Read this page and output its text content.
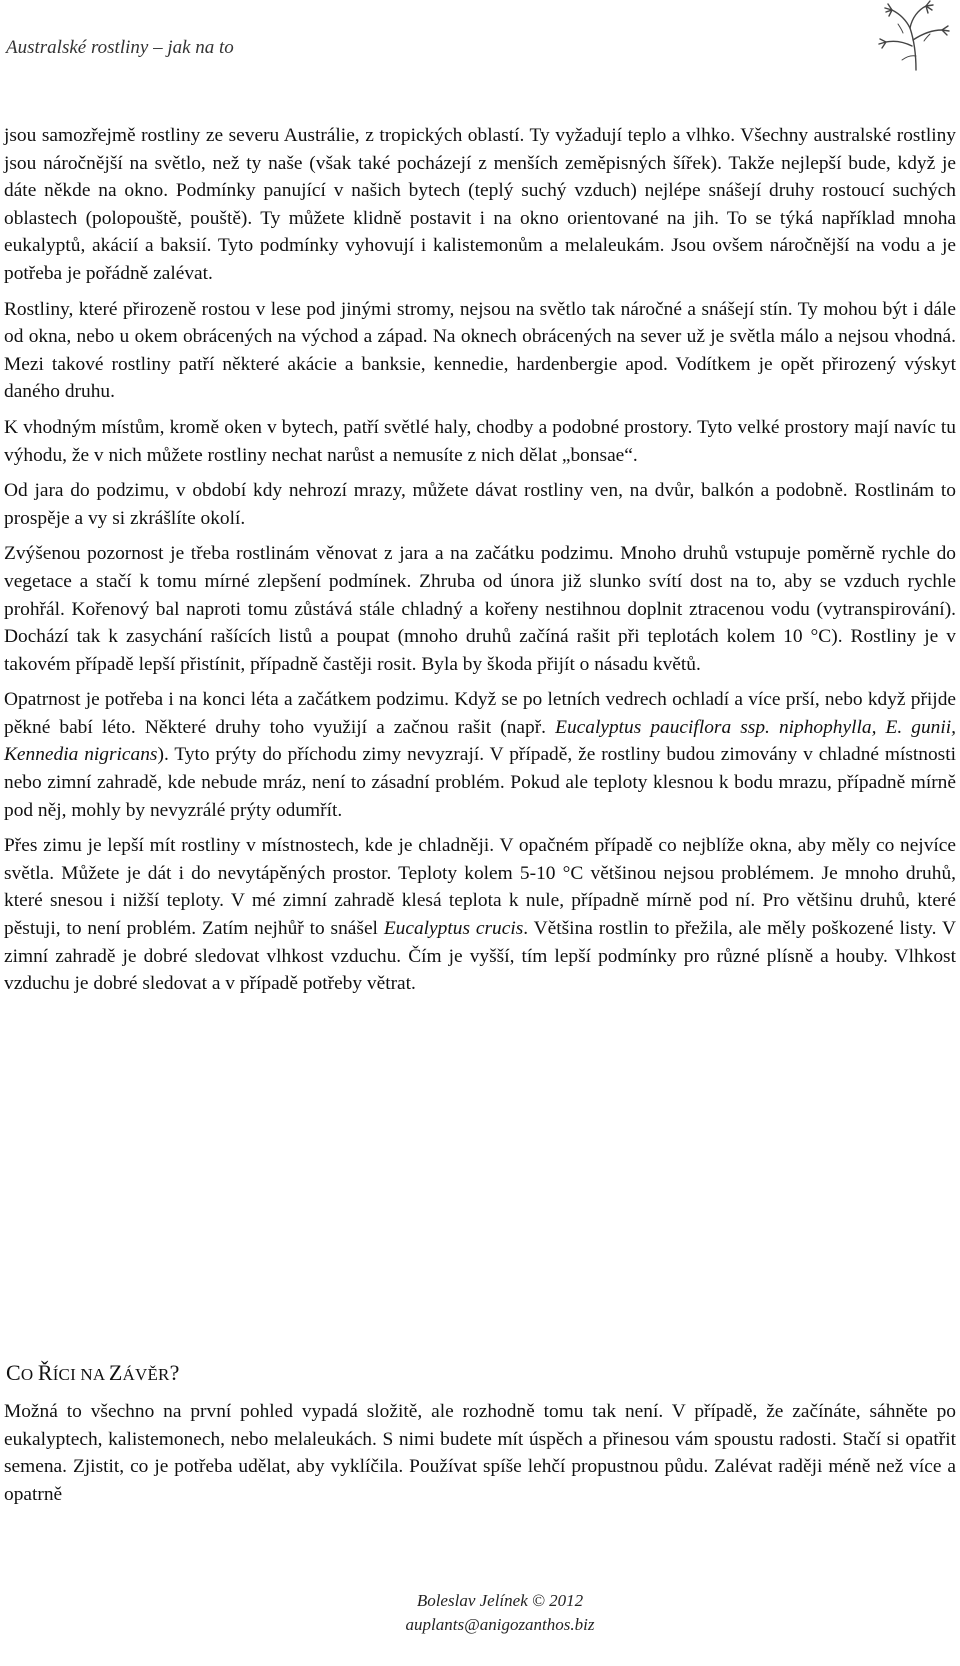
Australské rostliny – jak na to

jsou samozřejmě rostliny ze severu Austrálie, z tropických oblastí. Ty vyžadují teplo a vlhko. Všechny australské rostliny jsou náročnější na světlo, než ty naše (však také pocházejí z menších zeměpisných šířek). Takže nejlepší bude, když je dáte někde na okno. Podmínky panující v našich bytech (teplý suchý vzduch) nejlépe snášejí druhy rostoucí suchých oblastech (polopouště, pouště). Ty můžete klidně postavit i na okno orientované na jih. To se týká například mnoha eukalyptů, akácií a baksií. Tyto podmínky vyhovují i kalistemonům a melaleukám. Jsou ovšem náročnější na vodu a je potřeba je pořádně zalévat.

Rostliny, které přirozeně rostou v lese pod jinými stromy, nejsou na světlo tak náročné a snášejí stín. Ty mohou být i dále od okna, nebo u okem obrácených na východ a západ. Na oknech obrácených na sever už je světla málo a nejsou vhodná. Mezi takové rostliny patří některé akácie a banksie, kennedie, hardenbergie apod. Vodítkem je opět přirozený výskyt daného druhu.

K vhodným místům, kromě oken v bytech, patří světlé haly, chodby a podobné prostory. Tyto velké prostory mají navíc tu výhodu, že v nich můžete rostliny nechat narůst a nemusíte z nich dělat „bonsae“.

Od jara do podzimu, v období kdy nehrozí mrazy, můžete dávat rostliny ven, na dvůr, balkón a podobně. Rostlinám to prospěje a vy si zkrášlíte okolí.

Zvýšenou pozornost je třeba rostlinám věnovat z jara a na začátku podzimu. Mnoho druhů vstupuje poměrně rychle do vegetace a stačí k tomu mírné zlepšení podmínek. Zhruba od února již slunko svítí dost na to, aby se vzduch rychle prohřál. Kořenový bal naproti tomu zůstává stále chladný a kořeny nestihnou doplnit ztracenou vodu (vytranspirování). Dochází tak k zasychání rašících listů a poupat (mnoho druhů začíná rašit při teplotách kolem 10 °C). Rostliny je v takovém případě lepší přistínit, případně častěji rosit. Byla by škoda přijít o násadu květů.

Opatrnost je potřeba i na konci léta a začátkem podzimu. Když se po letních vedrech ochladí a více prší, nebo když přijde pěkné babí léto. Některé druhy toho využijí a začnou rašit (např. Eucalyptus pauciflora ssp. niphophylla, E. gunii, Kennedia nigricans). Tyto prýty do příchodu zimy nevyzrají. V případě, že rostliny budou zimovány v chladné místnosti nebo zimní zahradě, kde nebude mráz, není to zásadní problém. Pokud ale teploty klesnou k bodu mrazu, případně mírně pod něj, mohly by nevyzrálé prýty odumřít.

Přes zimu je lepší mít rostliny v místnostech, kde je chladněji. V opačném případě co nejblíže okna, aby měly co nejvíce světla. Můžete je dát i do nevytápěných prostor. Teploty kolem 5-10 °C většinou nejsou problémem. Je mnoho druhů, které snesou i nižší teploty. V mé zimní zahradě klesá teplota k nule, případně mírně pod ní. Pro většinu druhů, které pěstuji, to není problém. Zatím nejhůř to snášel Eucalyptus crucis. Většina rostlin to přežila, ale měly poškozené listy. V zimní zahradě je dobré sledovat vlhkost vzduchu. Čím je vyšší, tím lepší podmínky pro různé plísně a houby. Vlhkost vzduchu je dobré sledovat a v případě potřeby větrat.

CO ŘÍCI NA ZÁVĚR?

Možná to všechno na první pohled vypadá složitě, ale rozhodně tomu tak není. V případě, že začínáte, sáhněte po eukalyptech, kalistemonech, nebo melaleukách. S nimi budete mít úspěch a přinesou vám spoustu radosti. Stačí si opatřit semena. Zjistit, co je potřeba udělat, aby vyklíčila. Používat spíše lehčí propustnou půdu. Zalévat raději méně než více a opatrně

Boleslav Jelínek © 2012
auplants@anigozanthos.biz
